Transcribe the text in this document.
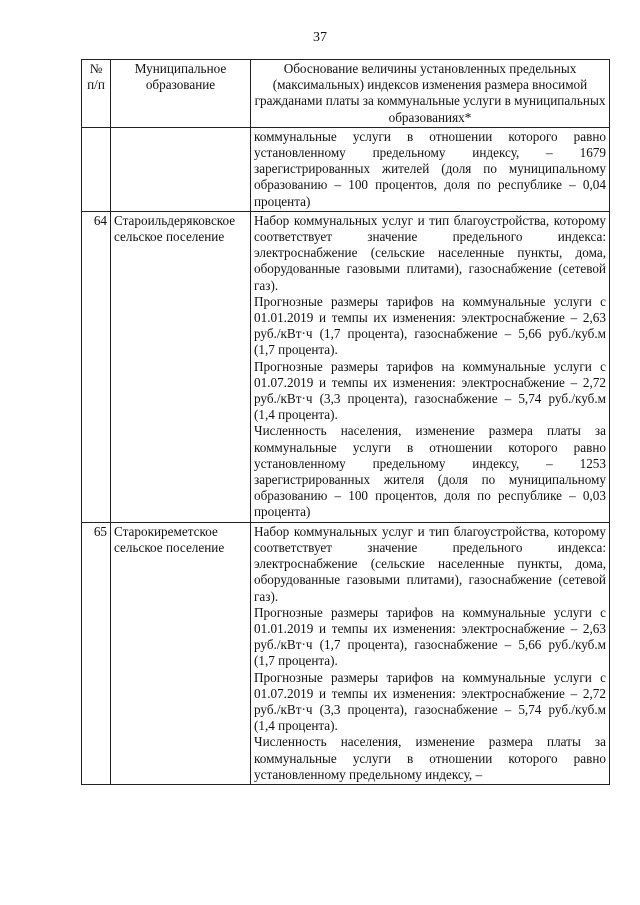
37
№ п/п	Муниципальное образование	Обоснование величины установленных предельных (максимальных) индексов изменения размера вносимой гражданами платы за коммунальные услуги в муниципальных образованиях*

		коммунальные услуги в отношении которого равно установленному предельному индексу, – 1679 зарегистрированных жителей (доля по муниципальному образованию – 100 процентов, доля по республике – 0,04 процента)

64	Староильдеряковское сельское поселение	Набор коммунальных услуг и тип благоустройства, которому соответствует значение предельного индекса: электроснабжение (сельские населенные пункты, дома, оборудованные газовыми плитами), газоснабжение (сетевой газ).

Прогнозные размеры тарифов на коммунальные услуги с 01.01.2019 и темпы их изменения: электроснабжение – 2,63 руб./кВт·ч (1,7 процента), газоснабжение – 5,66 руб./куб.м (1,7 процента).

Прогнозные размеры тарифов на коммунальные услуги с 01.07.2019 и темпы их изменения: электроснабжение – 2,72 руб./кВт·ч (3,3 процента), газоснабжение – 5,74 руб./куб.м (1,4 процента).

Численность населения, изменение размера платы за коммунальные услуги в отношении которого равно установленному предельному индексу, – 1253 зарегистрированных жителя (доля по муниципальному образованию – 100 процентов, доля по республике – 0,03 процента)

65	Старокиреметское сельское поселение	Набор коммунальных услуг и тип благоустройства, которому соответствует значение предельного индекса: электроснабжение (сельские населенные пункты, дома, оборудованные газовыми плитами), газоснабжение (сетевой газ).

Прогнозные размеры тарифов на коммунальные услуги с 01.01.2019 и темпы их изменения: электроснабжение – 2,63 руб./кВт·ч (1,7 процента), газоснабжение – 5,66 руб./куб.м (1,7 процента).

Прогнозные размеры тарифов на коммунальные услуги с 01.07.2019 и темпы их изменения: электроснабжение – 2,72 руб./кВт·ч (3,3 процента), газоснабжение – 5,74 руб./куб.м (1,4 процента).

Численность населения, изменение размера платы за коммунальные услуги в отношении которого равно установленному предельному индексу, –
